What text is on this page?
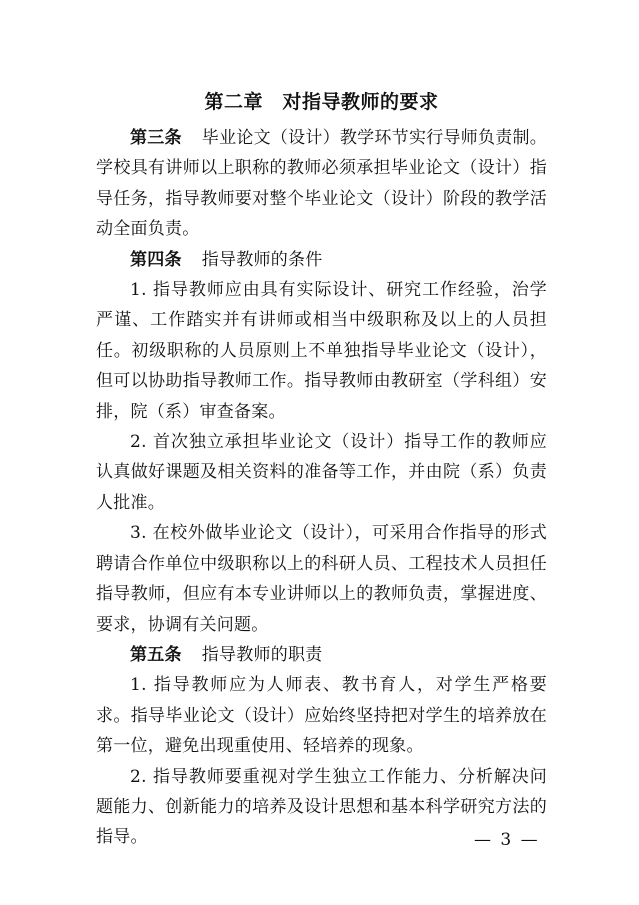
第二章　对指导教师的要求

第三条 毕业论文（设计）教学环节实行导师负责制。学校具有讲师以上职称的教师必须承担毕业论文（设计）指导任务，指导教师要对整个毕业论文（设计）阶段的教学活动全面负责。

第四条 指导教师的条件

1. 指导教师应由具有实际设计、研究工作经验，治学严谨、工作踏实并有讲师或相当中级职称及以上的人员担任。初级职称的人员原则上不单独指导毕业论文（设计），但可以协助指导教师工作。指导教师由教研室（学科组）安排，院（系）审查备案。

2. 首次独立承担毕业论文（设计）指导工作的教师应认真做好课题及相关资料的准备等工作，并由院（系）负责人批准。

3. 在校外做毕业论文（设计），可采用合作指导的形式聘请合作单位中级职称以上的科研人员、工程技术人员担任指导教师，但应有本专业讲师以上的教师负责，掌握进度、要求，协调有关问题。

第五条 指导教师的职责

1. 指导教师应为人师表、教书育人，对学生严格要求。指导毕业论文（设计）应始终坚持把对学生的培养放在第一位，避免出现重使用、轻培养的现象。

2. 指导教师要重视对学生独立工作能力、分析解决问题能力、创新能力的培养及设计思想和基本科学研究方法的指导。	— 3 —
